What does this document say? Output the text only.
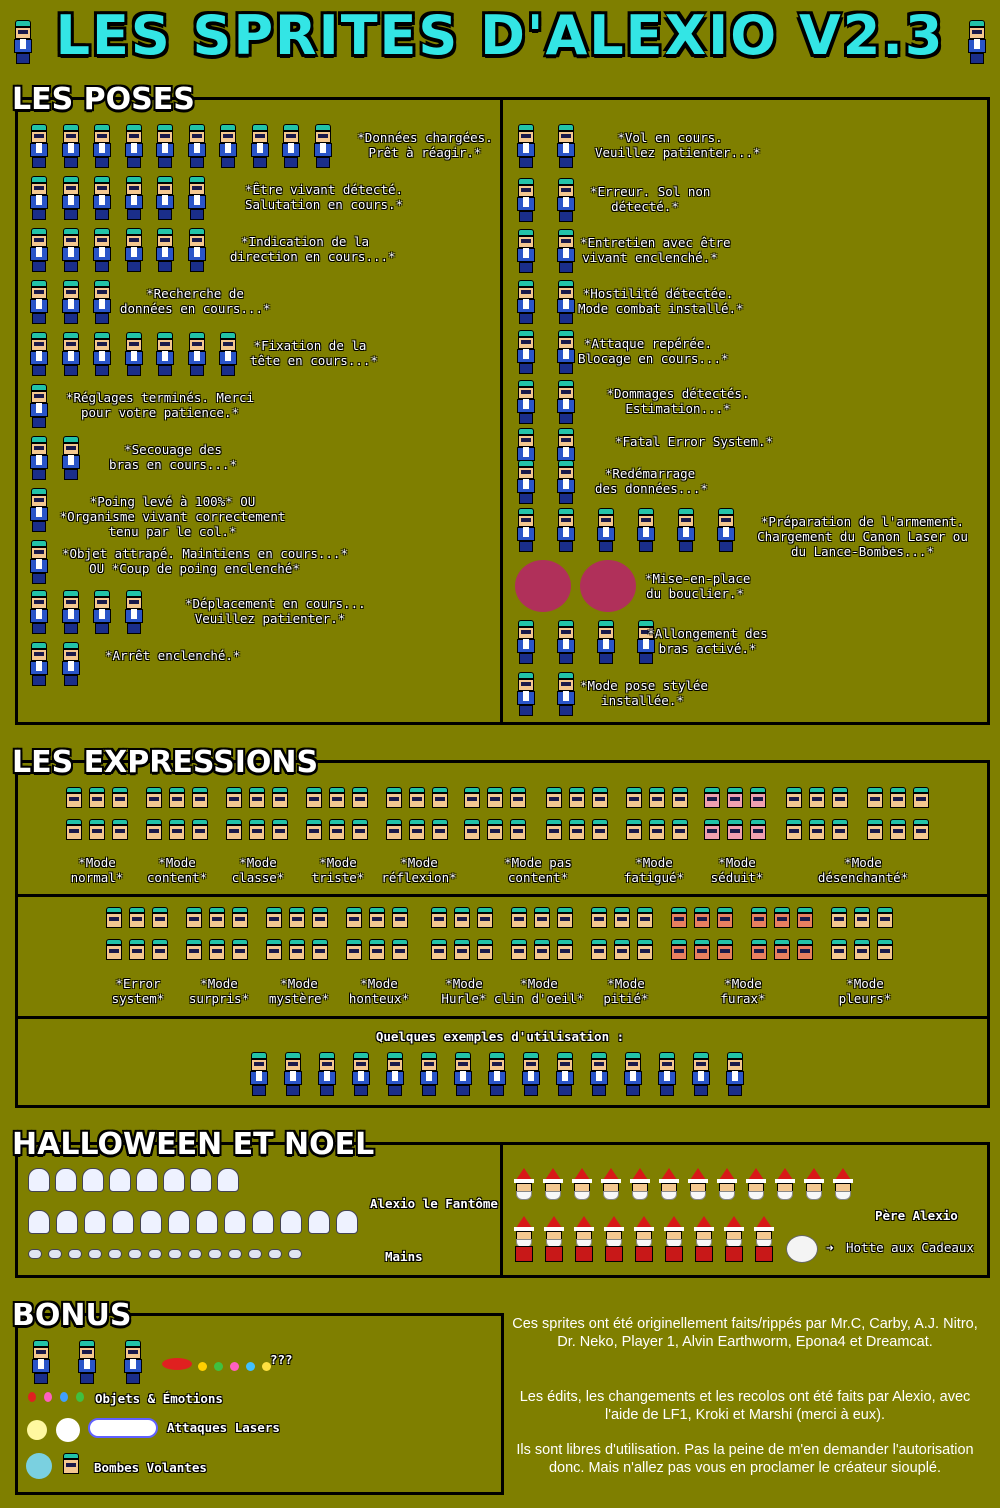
LES SPRITES D'ALEXIO V2.3
LES POSES
*Données chargées.
Prêt à réagir.*
*Être vivant détecté.
Salutation en cours.*
*Indication de la
direction en cours...*
*Recherche de
données en cours...*
*Fixation de la
tête en cours...*
*Réglages terminés. Merci
pour votre patience.*
*Secouage des
bras en cours...*
*Poing levé à 100%* OU
*Organisme vivant correctement
tenu par le col.*
*Objet attrapé. Maintiens en cours...*
OU *Coup de poing enclenché*
*Déplacement en cours...
Veuillez patienter.*
*Arrêt enclenché.*
*Vol en cours.
Veuillez patienter...*
*Erreur. Sol non
détecté.*
*Entretien avec être
vivant enclenché.*
*Hostilité détectée.
Mode combat installé.*
*Attaque repérée.
Blocage en cours...*
*Dommages détectés.
Estimation...*
*Fatal Error System.*
*Redémarrage
des données...*
*Préparation de l'armement.
Chargement du Canon Laser ou
du Lance-Bombes...*
*Mise-en-place
du bouclier.*
*Allongement des
bras activé.*
*Mode pose stylée
installée.*
LES EXPRESSIONS
*Mode
normal*
*Mode
content*
*Mode
classe*
*Mode
triste*
*Mode
réflexion*
*Mode pas
content*
*Mode
fatigué*
*Mode
séduit*
*Mode
désenchanté*
*Error
system*
*Mode
surpris*
*Mode
mystère*
*Mode
honteux*
*Mode
Hurle*
*Mode
clin d'oeil*
*Mode
pitié*
*Mode
furax*
*Mode
pleurs*
Quelques exemples d'utilisation :
HALLOWEEN ET NOEL
Alexio le Fantôme
Mains
Père Alexio
➜ Hotte aux Cadeaux
BONUS
???
Objets & Émotions
Attaques Lasers
Bombes Volantes
Ces sprites ont été originellement faits/rippés par Mr.C, Carby, A.J. Nitro, Dr. Neko, Player 1, Alvin Earthworm, Epona4 et Dreamcat.
Les édits, les changements et les recolos ont été faits par Alexio, avec l'aide de LF1, Kroki et Marshi (merci à eux).
Ils sont libres d'utilisation. Pas la peine de m'en demander l'autorisation donc. Mais n'allez pas vous en proclamer le créateur siouplé.
